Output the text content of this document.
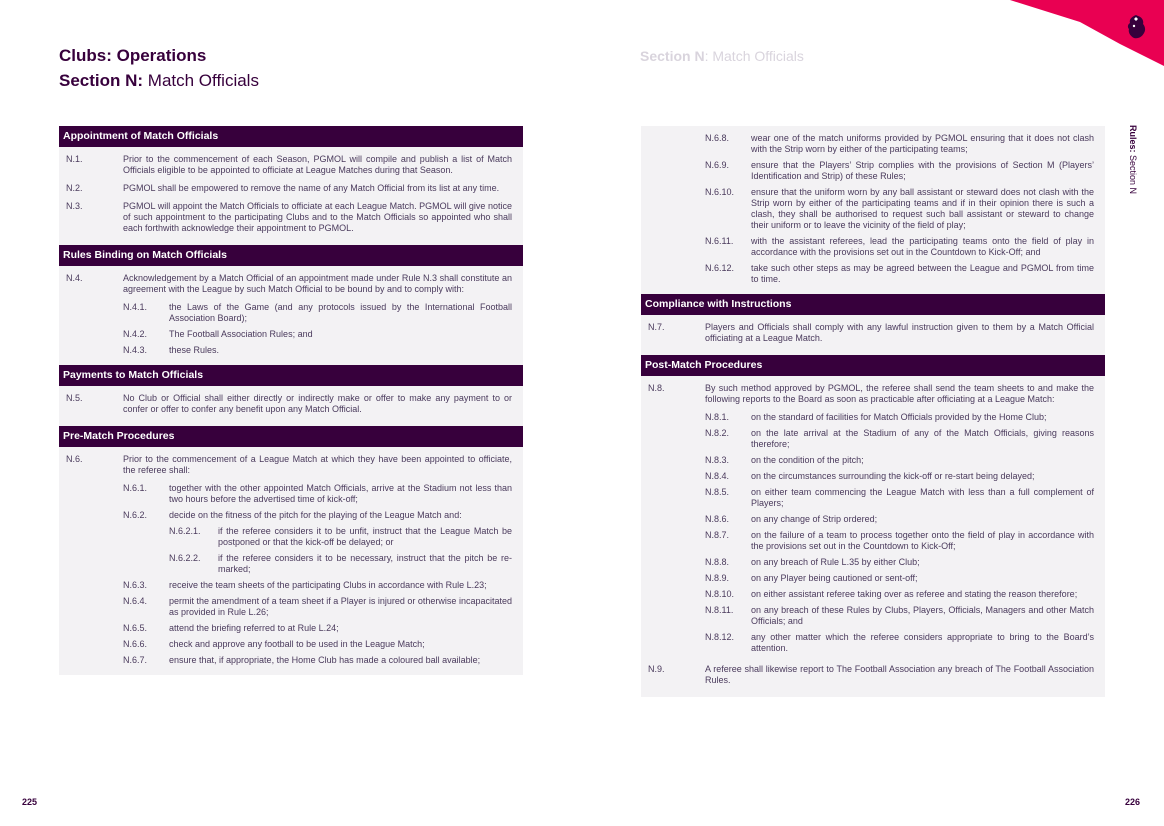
Clubs: Operations
Section N: Match Officials
Section N: Match Officials
Rules: Section N
Appointment of Match Officials
N.1.	Prior to the commencement of each Season, PGMOL will compile and publish a list of Match Officials eligible to be appointed to officiate at League Matches during that Season.
N.2.	PGMOL shall be empowered to remove the name of any Match Official from its list at any time.
N.3.	PGMOL will appoint the Match Officials to officiate at each League Match. PGMOL will give notice of such appointment to the participating Clubs and to the Match Officials so appointed who shall each forthwith acknowledge their appointment to PGMOL.
Rules Binding on Match Officials
N.4.	Acknowledgement by a Match Official of an appointment made under Rule N.3 shall constitute an agreement with the League by such Match Official to be bound by and to comply with:
N.4.1.	the Laws of the Game (and any protocols issued by the International Football Association Board);
N.4.2.	The Football Association Rules; and
N.4.3.	these Rules.
Payments to Match Officials
N.5.	No Club or Official shall either directly or indirectly make or offer to make any payment to or confer or offer to confer any benefit upon any Match Official.
Pre-Match Procedures
N.6.	Prior to the commencement of a League Match at which they have been appointed to officiate, the referee shall:
N.6.1.	together with the other appointed Match Officials, arrive at the Stadium not less than two hours before the advertised time of kick-off;
N.6.2.	decide on the fitness of the pitch for the playing of the League Match and:
N.6.2.1.	if the referee considers it to be unfit, instruct that the League Match be postponed or that the kick-off be delayed; or
N.6.2.2.	if the referee considers it to be necessary, instruct that the pitch be re-marked;
N.6.3.	receive the team sheets of the participating Clubs in accordance with Rule L.23;
N.6.4.	permit the amendment of a team sheet if a Player is injured or otherwise incapacitated as provided in Rule L.26;
N.6.5.	attend the briefing referred to at Rule L.24;
N.6.6.	check and approve any football to be used in the League Match;
N.6.7.	ensure that, if appropriate, the Home Club has made a coloured ball available;
N.6.8.	wear one of the match uniforms provided by PGMOL ensuring that it does not clash with the Strip worn by either of the participating teams;
N.6.9.	ensure that the Players’ Strip complies with the provisions of Section M (Players’ Identification and Strip) of these Rules;
N.6.10.	ensure that the uniform worn by any ball assistant or steward does not clash with the Strip worn by either of the participating teams and if in their opinion there is such a clash, they shall be authorised to request such ball assistant or steward to change their uniform or to leave the vicinity of the field of play;
N.6.11.	with the assistant referees, lead the participating teams onto the field of play in accordance with the provisions set out in the Countdown to Kick-Off; and
N.6.12.	take such other steps as may be agreed between the League and PGMOL from time to time.
Compliance with Instructions
N.7.	Players and Officials shall comply with any lawful instruction given to them by a Match Official officiating at a League Match.
Post-Match Procedures
N.8.	By such method approved by PGMOL, the referee shall send the team sheets to and make the following reports to the Board as soon as practicable after officiating at a League Match:
N.8.1.	on the standard of facilities for Match Officials provided by the Home Club;
N.8.2.	on the late arrival at the Stadium of any of the Match Officials, giving reasons therefore;
N.8.3.	on the condition of the pitch;
N.8.4.	on the circumstances surrounding the kick-off or re-start being delayed;
N.8.5.	on either team commencing the League Match with less than a full complement of Players;
N.8.6.	on any change of Strip ordered;
N.8.7.	on the failure of a team to process together onto the field of play in accordance with the provisions set out in the Countdown to Kick-Off;
N.8.8.	on any breach of Rule L.35 by either Club;
N.8.9.	on any Player being cautioned or sent-off;
N.8.10.	on either assistant referee taking over as referee and stating the reason therefore;
N.8.11.	on any breach of these Rules by Clubs, Players, Officials, Managers and other Match Officials; and
N.8.12.	any other matter which the referee considers appropriate to bring to the Board’s attention.
N.9.	A referee shall likewise report to The Football Association any breach of The Football Association Rules.
225	226
